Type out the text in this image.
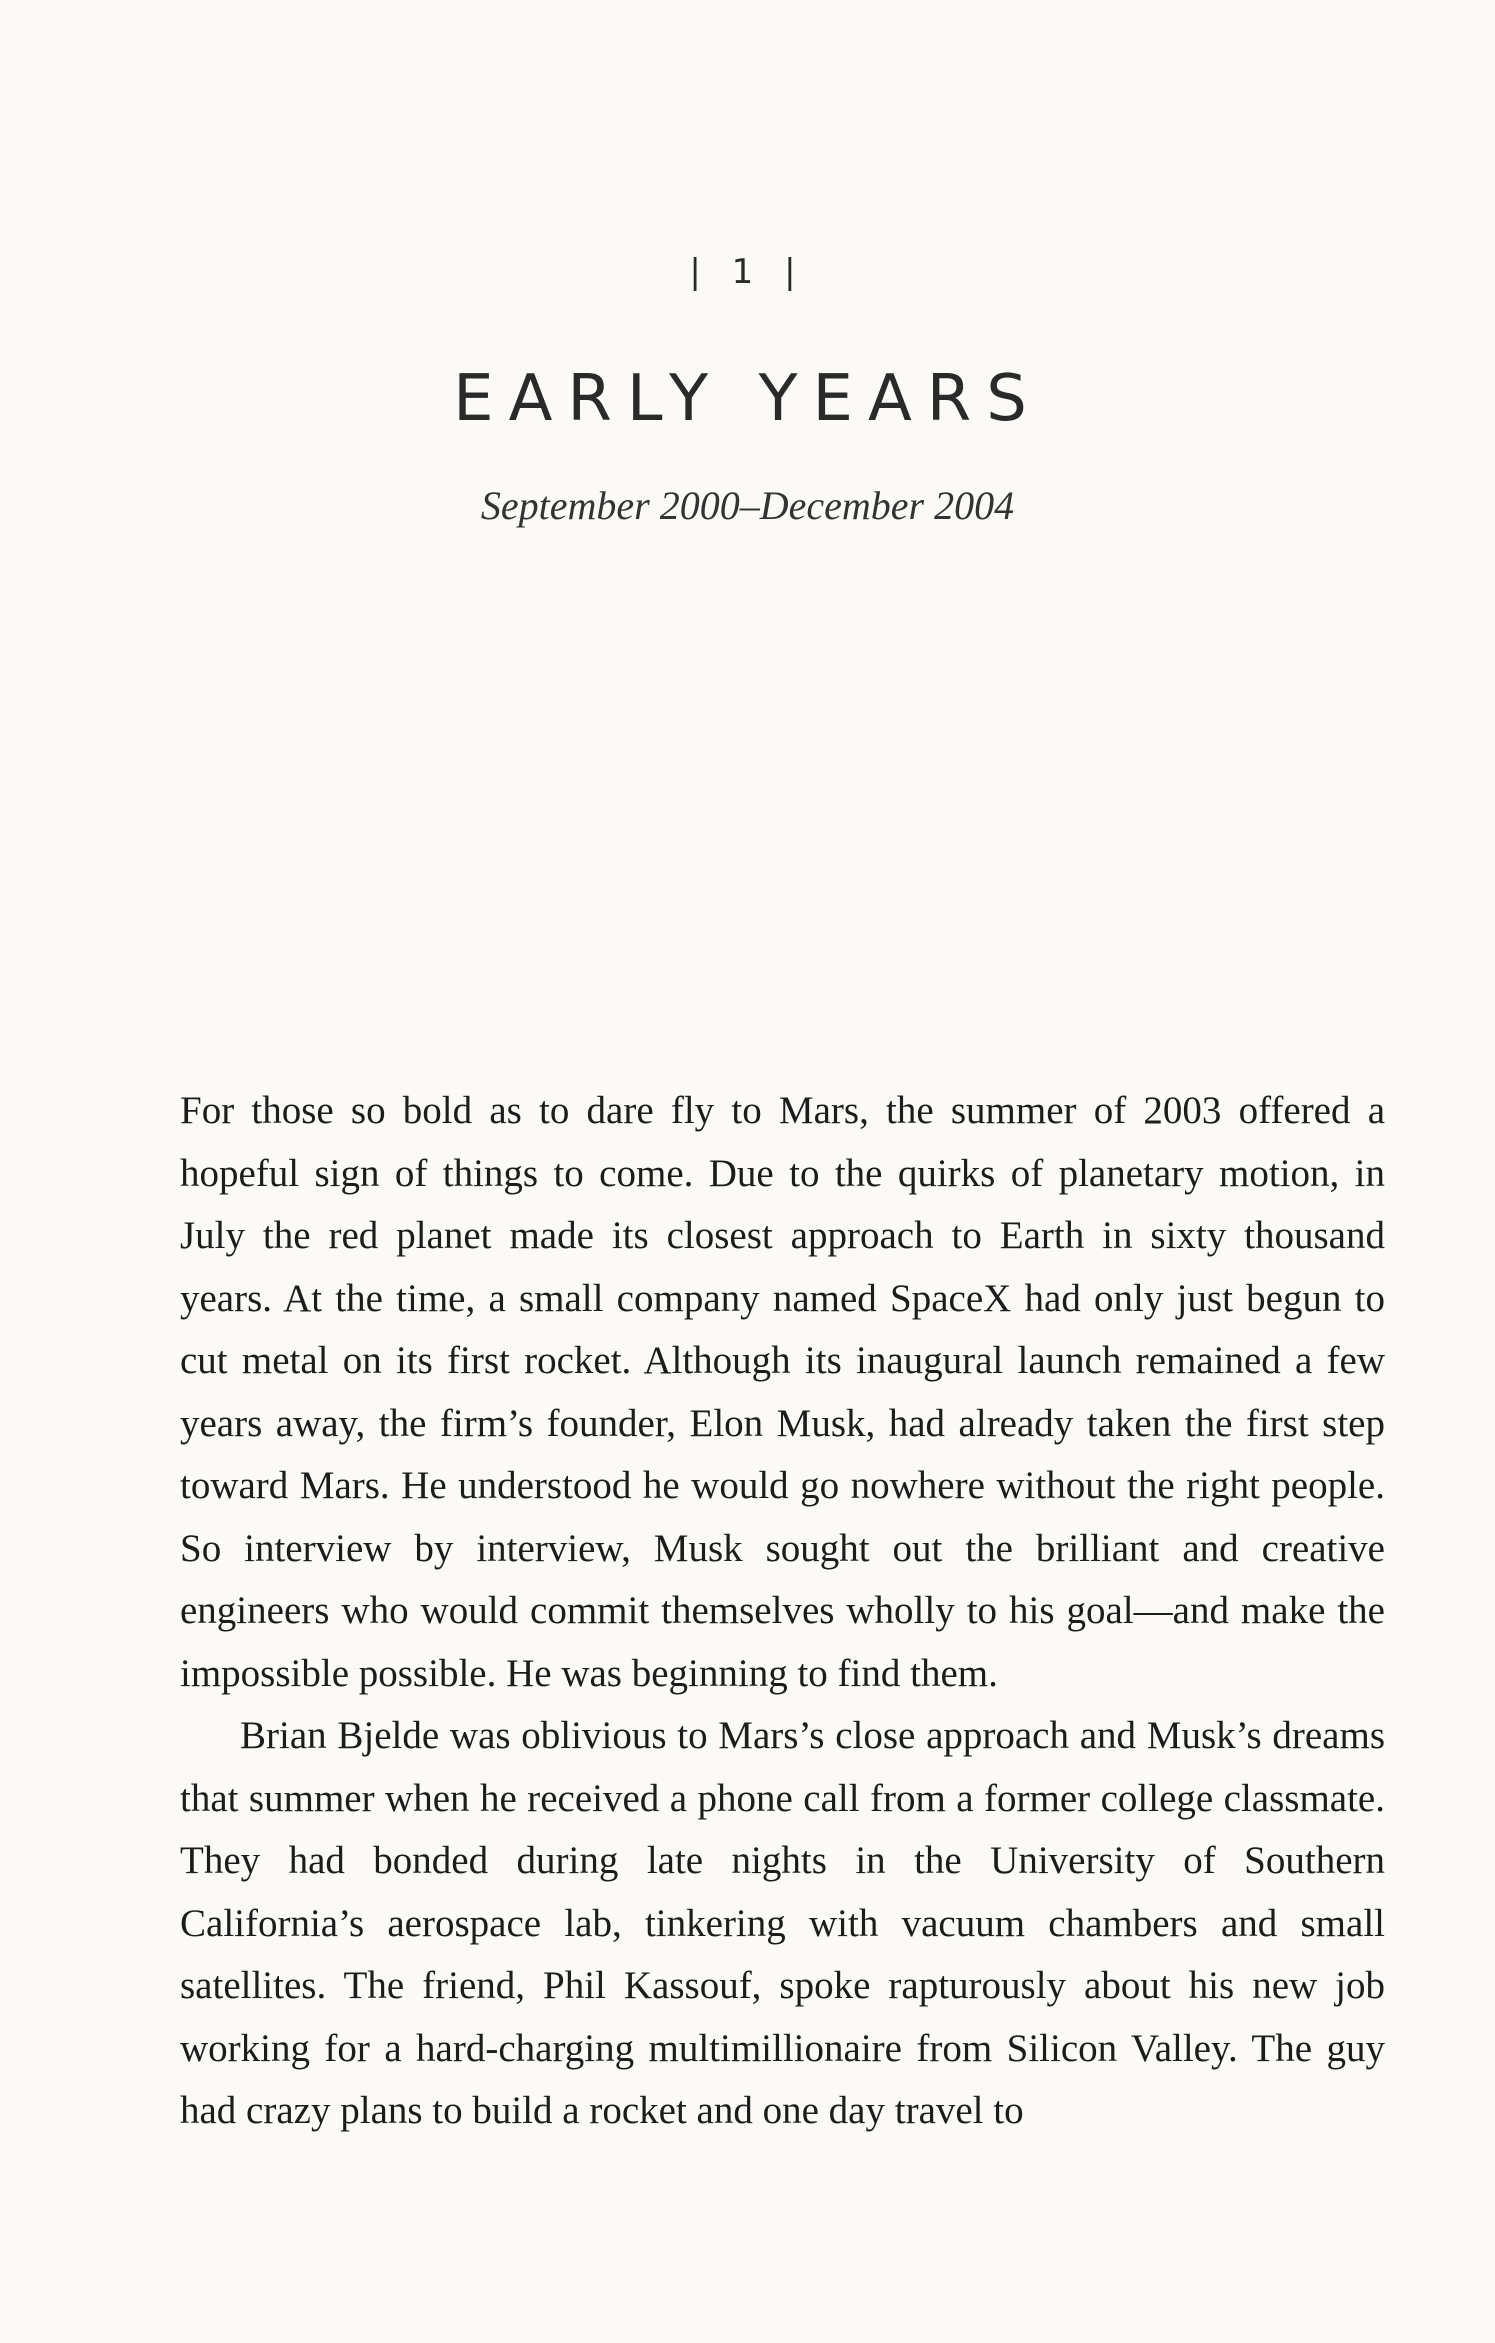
| 1 |
EARLY YEARS
September 2000–December 2004

For those so bold as to dare fly to Mars, the summer of 2003 offered a hopeful sign of things to come. Due to the quirks of planetary motion, in July the red planet made its closest approach to Earth in sixty thousand years. At the time, a small company named SpaceX had only just begun to cut metal on its first rocket. Although its inaugural launch remained a few years away, the firm’s founder, Elon Musk, had already taken the first step toward Mars. He understood he would go nowhere without the right people. So interview by interview, Musk sought out the brilliant and creative engineers who would commit themselves wholly to his goal—and make the impossible possible. He was beginning to find them.

Brian Bjelde was oblivious to Mars’s close approach and Musk’s dreams that summer when he received a phone call from a former college classmate. They had bonded during late nights in the University of Southern California’s aerospace lab, tinkering with vacuum chambers and small satellites. The friend, Phil Kassouf, spoke rapturously about his new job working for a hard-charging multimillionaire from Silicon Valley. The guy had crazy plans to build a rocket and one day travel to
